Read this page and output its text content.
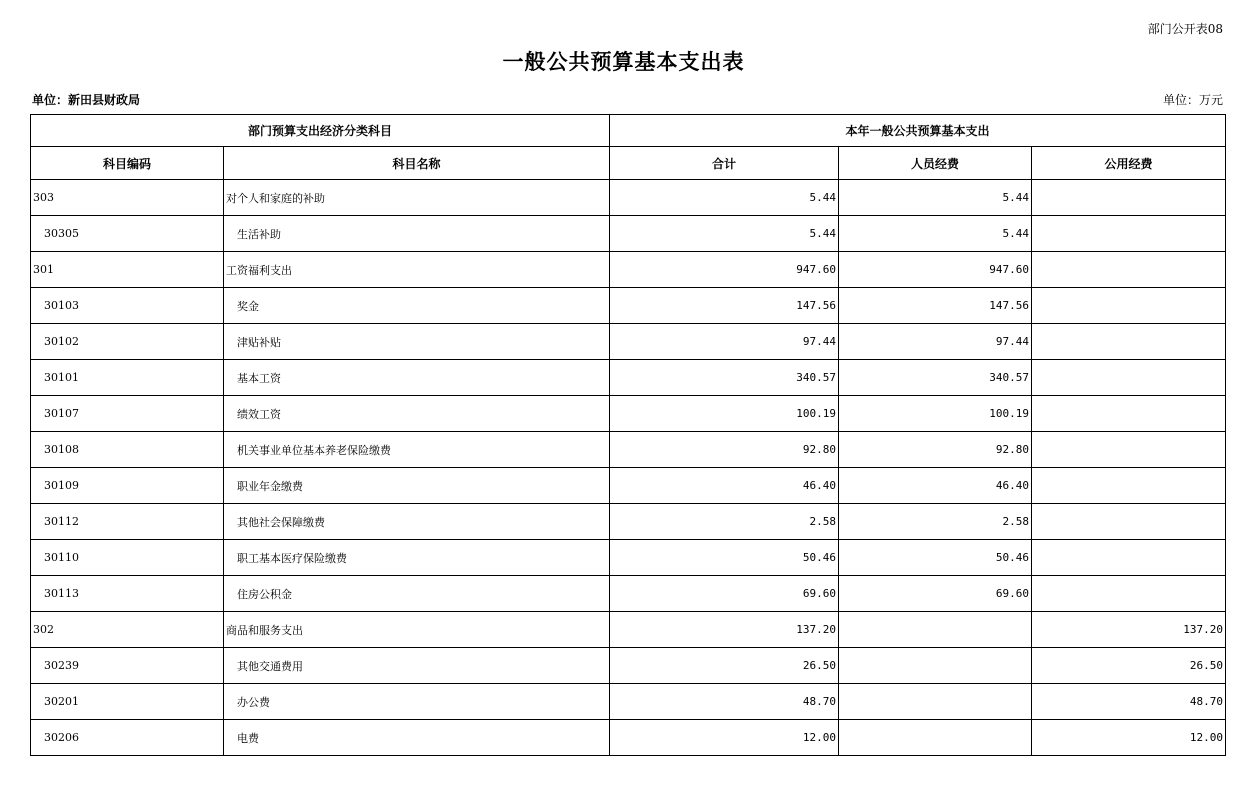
部门公开表08
一般公共预算基本支出表
单位：新田县财政局	单位：万元
部门预算支出经济分类科目		本年一般公共预算基本支出		
科目编码	科目名称	合计	人员经费	公用经费
303	对个人和家庭的补助	5.44	5.44	
30305	生活补助	5.44	5.44	
301	工资福利支出	947.60	947.60	
30103	奖金	147.56	147.56	
30102	津贴补贴	97.44	97.44	
30101	基本工资	340.57	340.57	
30107	绩效工资	100.19	100.19	
30108	机关事业单位基本养老保险缴费	92.80	92.80	
30109	职业年金缴费	46.40	46.40	
30112	其他社会保障缴费	2.58	2.58	
30110	职工基本医疗保险缴费	50.46	50.46	
30113	住房公积金	69.60	69.60	
302	商品和服务支出	137.20		137.20
30239	其他交通费用	26.50		26.50
30201	办公费	48.70		48.70
30206	电费	12.00		12.00
